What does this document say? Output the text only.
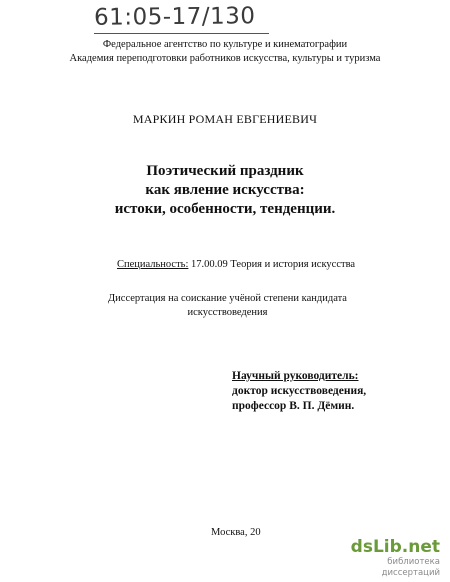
61:05-17/130
Федеральное агентство по культуре и кинематографии
Академия переподготовки работников искусства, культуры и туризма
МАРКИН РОМАН ЕВГЕНИЕВИЧ
Поэтический праздник
как явление искусства:
истоки, особенности, тенденции.
Специальность: 17.00.09 Теория и история искусства
Диссертация на соискание учёной степени кандидата
искусствоведения
Научный руководитель:
доктор искусствоведения,
профессор В. П. Дёмин.
Москва, 20
dsLib.net
библиотека диссертаций
